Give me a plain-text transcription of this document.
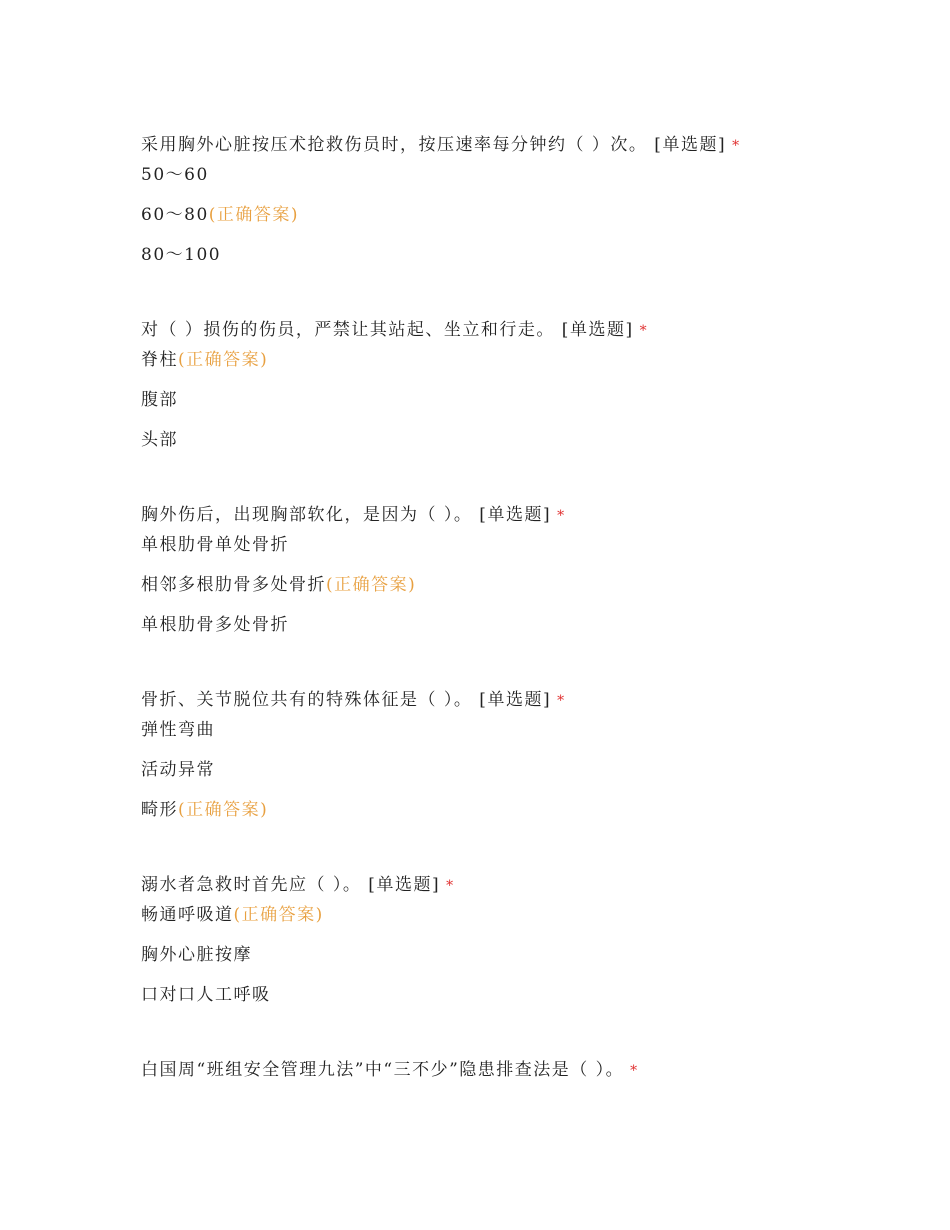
采用胸外心脏按压术抢救伤员时，按压速率每分钟约（ ）次。 [单选题] *
50～60
60～80(正确答案)
80～100
对（ ）损伤的伤员，严禁让其站起、坐立和行走。 [单选题] *
脊柱(正确答案)
腹部
头部
胸外伤后，出现胸部软化，是因为（ ）。 [单选题] *
单根肋骨单处骨折
相邻多根肋骨多处骨折(正确答案)
单根肋骨多处骨折
骨折、关节脱位共有的特殊体征是（ ）。 [单选题] *
弹性弯曲
活动异常
畸形(正确答案)
溺水者急救时首先应（ ）。 [单选题] *
畅通呼吸道(正确答案)
胸外心脏按摩
口对口人工呼吸
白国周“班组安全管理九法”中“三不少”隐患排查法是（ ）。 *
